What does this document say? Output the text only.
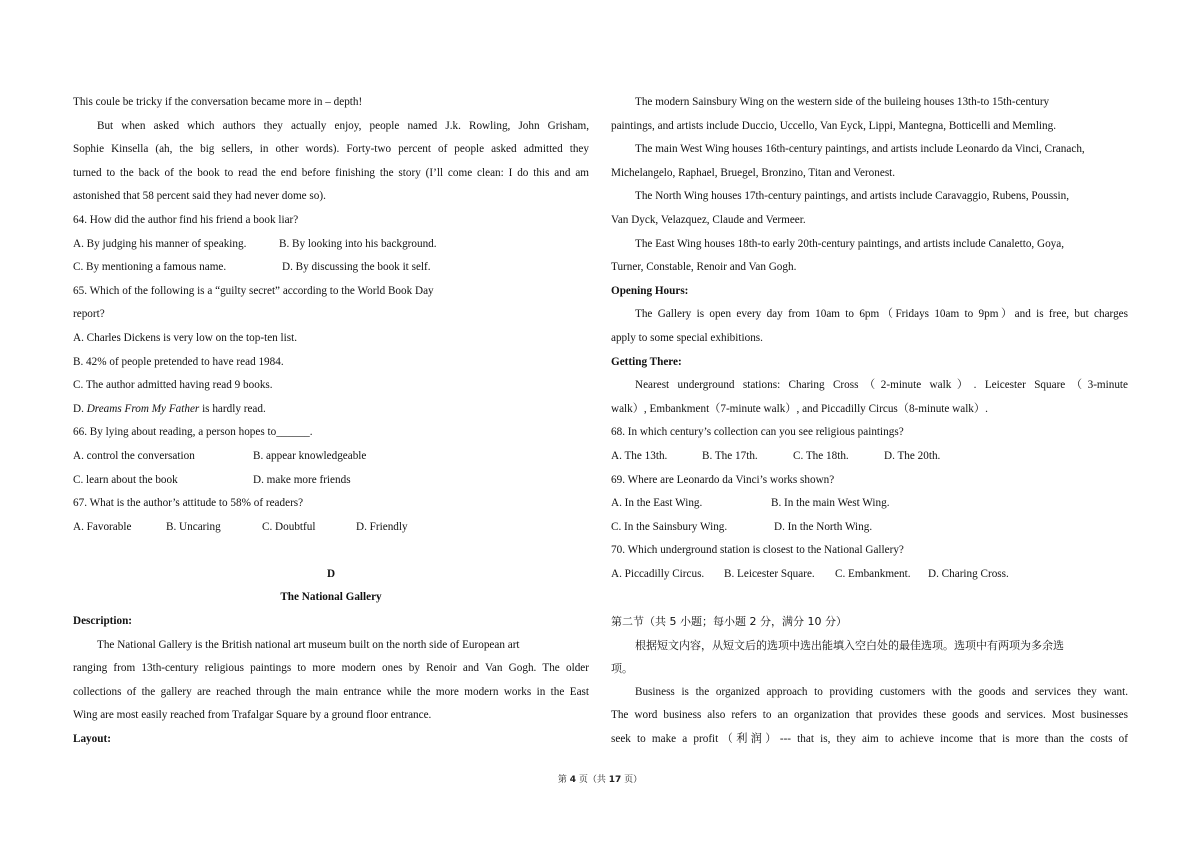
This coule be tricky if the conversation became more in – depth!
But when asked which authors they actually enjoy, people named J.k. Rowling, John Grisham,
Sophie Kinsella (ah, the big sellers, in other words). Forty-two percent of people asked admitted they
turned to the back of the book to read the end before finishing the story (I’ll come clean: I do this and am
astonished that 58 percent said they had never dome so).
64. How did the author find his friend a book liar?
A. By judging his manner of speaking.	B. By looking into his background.
C. By mentioning a famous name.	D. By discussing the book it self.
65. Which of the following is a “guilty secret” according to the World Book Day
report?
A. Charles Dickens is very low on the top-ten list.
B. 42% of people pretended to have read 1984.
C. The author admitted having read 9 books.
D. Dreams From My Father is hardly read.
66. By lying about reading, a person hopes to______.
A. control the conversation	B. appear knowledgeable
C. learn about the book	D. make more friends
67. What is the author’s attitude to 58% of readers?
A. Favorable	B. Uncaring	C. Doubtful	D. Friendly
D
The National Gallery
Description:
The National Gallery is the British national art museum built on the north side of European art
ranging from 13th-century religious paintings to more modern ones by Renoir and Van Gogh. The older
collections of the gallery are reached through the main entrance while the more modern works in the East
Wing are most easily reached from Trafalgar Square by a ground floor entrance.
Layout:
The modern Sainsbury Wing on the western side of the buileing houses 13th-to 15th-century
paintings, and artists include Duccio, Uccello, Van Eyck, Lippi, Mantegna, Botticelli and Memling.
The main West Wing houses 16th-century paintings, and artists include Leonardo da Vinci, Cranach,
Michelangelo, Raphael, Bruegel, Bronzino, Titan and Veronest.
The North Wing houses 17th-century paintings, and artists include Caravaggio, Rubens, Poussin,
Van Dyck, Velazquez, Claude and Vermeer.
The East Wing houses 18th-to early 20th-century paintings, and artists include Canaletto, Goya,
Turner, Constable, Renoir and Van Gogh.
Opening Hours:
The Gallery is open every day from 10am to 6pm（Fridays 10am to 9pm）and is free, but charges
apply to some special exhibitions.
Getting There:
Nearest underground stations: Charing Cross（2-minute walk）. Leicester Square（3-minute
walk）, Embankment（7-minute walk）, and Piccadilly Circus（8-minute walk）.
68. In which century’s collection can you see religious paintings?
A. The 13th.	B. The 17th.	C. The 18th.	D. The 20th.
69. Where are Leonardo da Vinci’s works shown?
A. In the East Wing.	B. In the main West Wing.
C. In the Sainsbury Wing.	D. In the North Wing.
70. Which underground station is closest to the National Gallery?
A. Piccadilly Circus. B. Leicester Square. C. Embankment. D. Charing Cross.
第二节（共 5 小题；每小题 2 分，满分 10 分）
根据短文内容，从短文后的选项中选出能填入空白处的最佳选项。选项中有两项为多余选
项。
Business is the organized approach to providing customers with the goods and services they want.
The word business also refers to an organization that provides these goods and services. Most businesses
seek to make a profit（利润）--- that is, they aim to achieve income that is more than the costs of
第 4 页（共 17 页）
